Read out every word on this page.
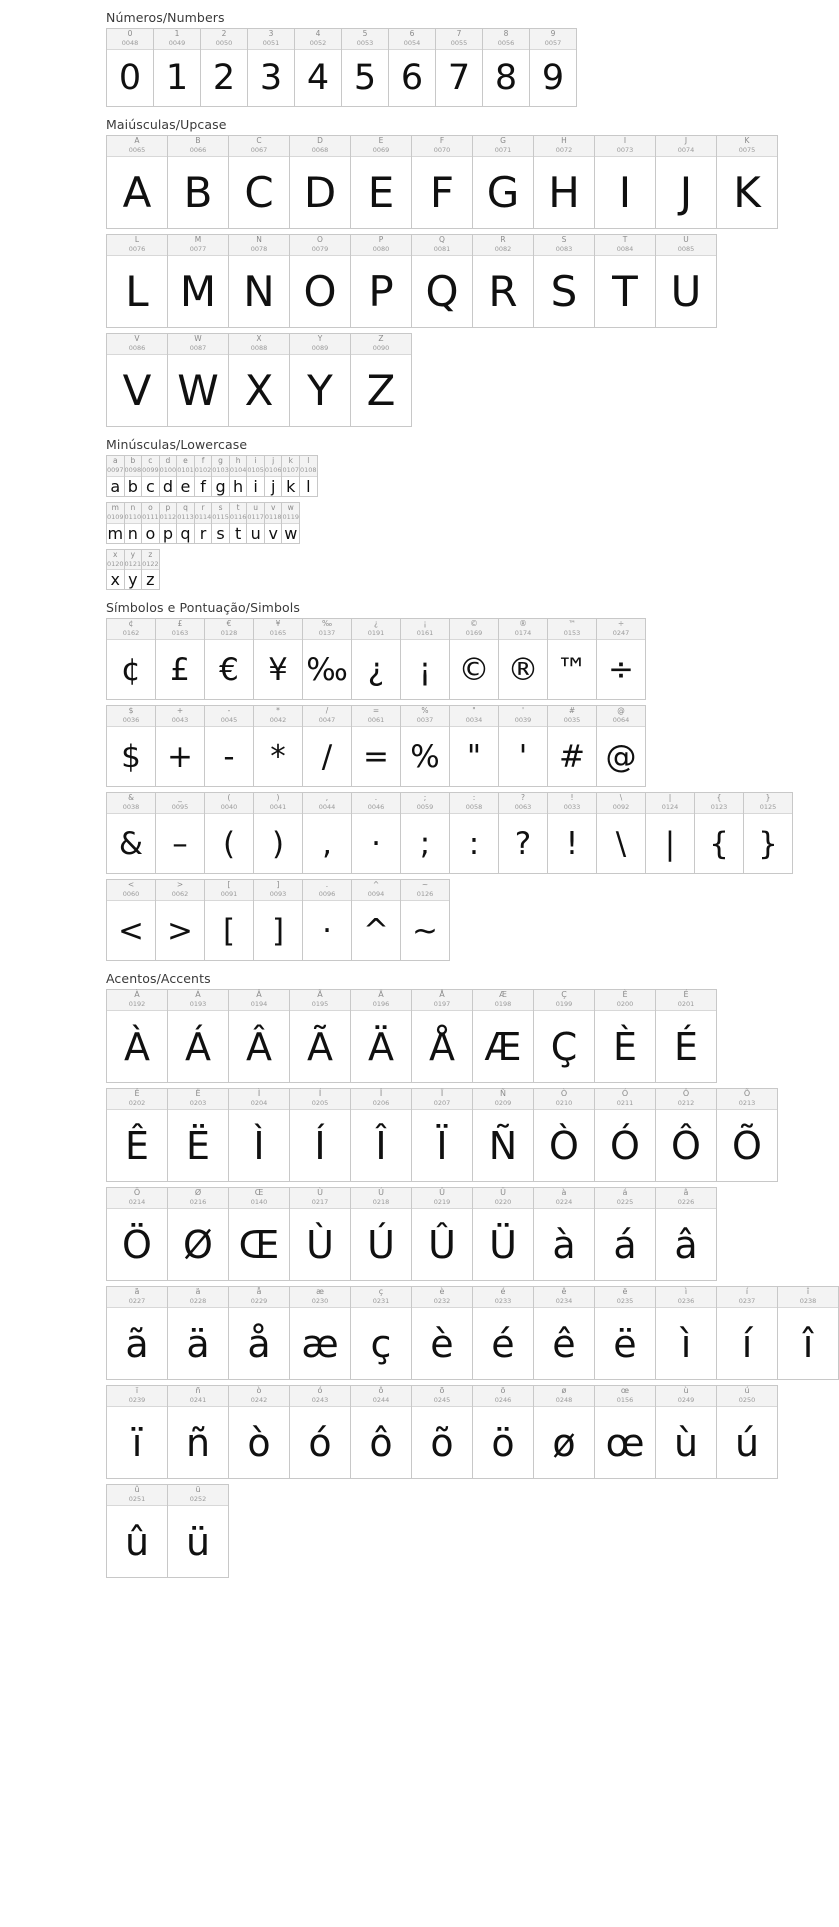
Números/Numbers
0
0048
0
1
0049
1
2
0050
2
3
0051
3
4
0052
4
5
0053
5
6
0054
6
7
0055
7
8
0056
8
9
0057
9
Maiúsculas/Upcase
A
0065
A
B
0066
B
C
0067
C
D
0068
D
E
0069
E
F
0070
F
G
0071
G
H
0072
H
I
0073
I
J
0074
J
K
0075
K
L
0076
L
M
0077
M
N
0078
N
O
0079
O
P
0080
P
Q
0081
Q
R
0082
R
S
0083
S
T
0084
T
U
0085
U
V
0086
V
W
0087
W
X
0088
X
Y
0089
Y
Z
0090
Z
Minúsculas/Lowercase
a
0097
a
b
0098
b
c
0099
c
d
0100
d
e
0101
e
f
0102
f
g
0103
g
h
0104
h
i
0105
i
j
0106
j
k
0107
k
l
0108
l
m
0109
m
n
0110
n
o
0111
o
p
0112
p
q
0113
q
r
0114
r
s
0115
s
t
0116
t
u
0117
u
v
0118
v
w
0119
w
x
0120
x
y
0121
y
z
0122
z
Símbolos e Pontuação/Simbols
¢
0162
¢
£
0163
£
€
0128
€
¥
0165
¥
‰
0137
‰
¿
0191
¿
¡
0161
¡
©
0169
©
®
0174
®
™
0153
™
÷
0247
÷
$
0036
$
+
0043
+
-
0045
-
*
0042
*
/
0047
/
=
0061
=
%
0037
%
"
0034
"
'
0039
'
#
0035
#
@
0064
@
&
0038
&
_
0095
–
(
0040
(
)
0041
)
,
0044
,
.
0046
·
;
0059
;
:
0058
:
?
0063
?
!
0033
!
\
0092
\
|
0124
|
{
0123
{
}
0125
}
<
0060
<
>
0062
>
[
0091
[
]
0093
]
.
0096
·
^
0094
^
~
0126
~
Acentos/Accents
À
0192
À
Á
0193
Á
Â
0194
Â
Ã
0195
Ã
Ä
0196
Ä
Å
0197
Å
Æ
0198
Æ
Ç
0199
Ç
È
0200
È
É
0201
É
Ê
0202
Ê
Ë
0203
Ë
Ì
0204
Ì
Í
0205
Í
Î
0206
Î
Ï
0207
Ï
Ñ
0209
Ñ
Ò
0210
Ò
Ó
0211
Ó
Ô
0212
Ô
Õ
0213
Õ
Ö
0214
Ö
Ø
0216
Ø
Œ
0140
Œ
Ù
0217
Ù
Ú
0218
Ú
Û
0219
Û
Ü
0220
Ü
à
0224
à
á
0225
á
â
0226
â
ã
0227
ã
ä
0228
ä
å
0229
å
æ
0230
æ
ç
0231
ç
è
0232
è
é
0233
é
ê
0234
ê
ë
0235
ë
ì
0236
ì
í
0237
í
î
0238
î
ï
0239
ï
ñ
0241
ñ
ò
0242
ò
ó
0243
ó
ô
0244
ô
õ
0245
õ
ö
0246
ö
ø
0248
ø
œ
0156
œ
ù
0249
ù
ú
0250
ú
û
0251
û
ü
0252
ü
